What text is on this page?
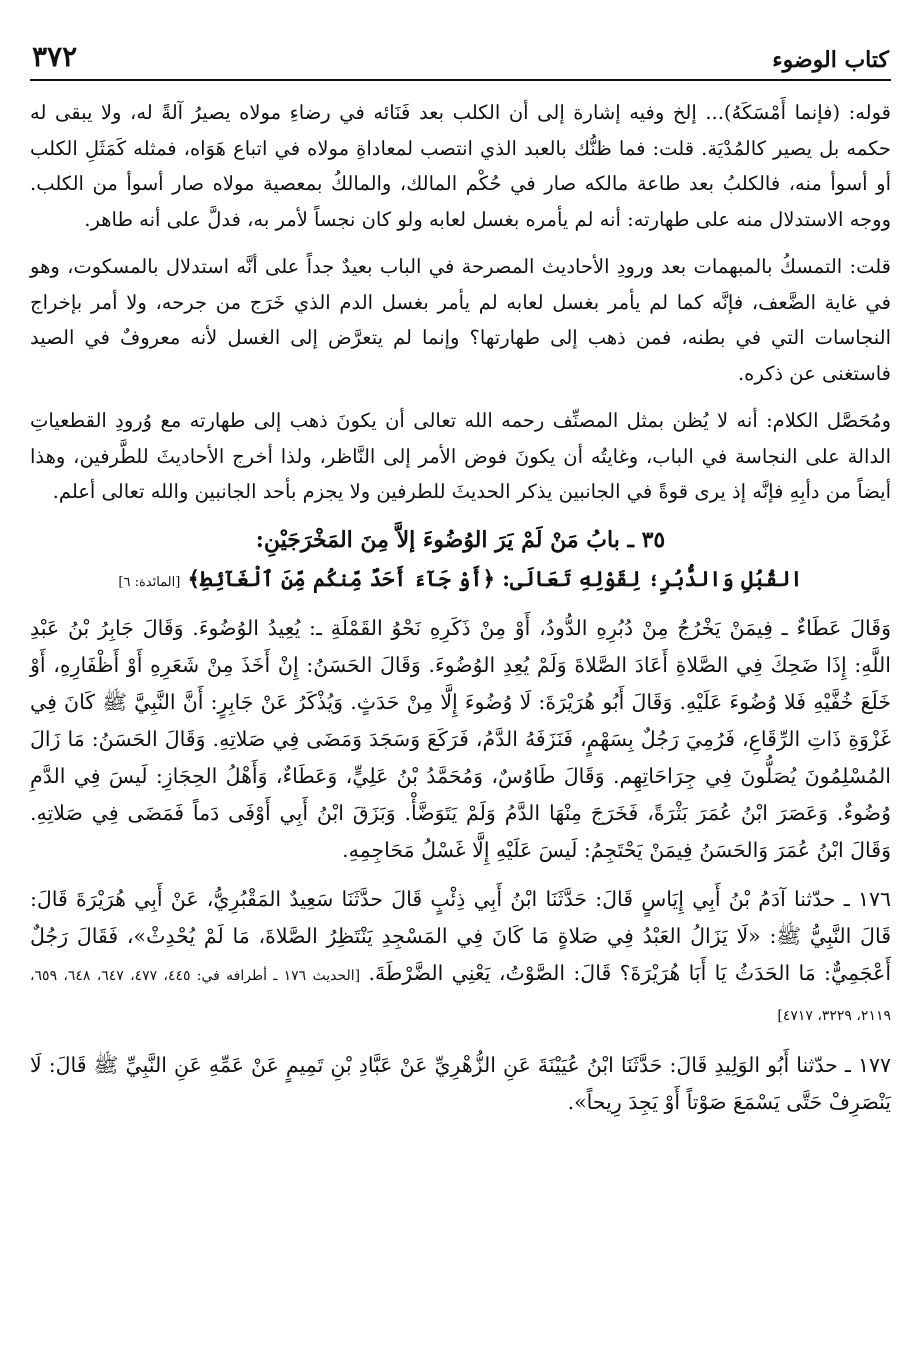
كتاب الوضوء
٣٧٢

قوله: (فإنما أَمْسَكَهُ)... إلخ وفيه إشارة إلى أن الكلب بعد فَنَائه في رضاءِ مولاه يصيرُ آلةً له، ولا يبقى له حكمه بل يصير كالمُدْيَة. قلت: فما ظنُّك بالعبد الذي انتصب لمعاداةِ مولاه في اتباع هَوَاه، فمثله كَمَثَلِ الكلب أو أسوأ منه، فالكلبُ بعد طاعة مالكه صار في حُكْم المالك، والمالكُ بمعصية مولاه صار أسوأ من الكلب. ووجه الاستدلال منه على طهارته: أنه لم يأمره بغسل لعابه ولو كان نجساً لأمر به، فدلَّ على أنه طاهر.

قلت: التمسكُ بالمبهمات بعد ورودِ الأحاديث المصرحة في الباب بعيدٌ جداً على أنَّه استدلال بالمسكوت، وهو في غاية الضَّعف، فإنَّه كما لم يأمر بغسل لعابه لم يأمر بغسل الدم الذي خَرَج من جرحه، ولا أمر بإخراج النجاسات التي في بطنه، فمن ذهب إلى طهارتها؟ وإنما لم يتعرَّض إلى الغسل لأنه معروفٌ في الصيد فاستغنى عن ذكره.

ومُحَصَّل الكلام: أنه لا يُظن بمثل المصنِّف رحمه الله تعالى أن يكونَ ذهب إلى طهارته مع وُرودِ القطعياتِ الدالة على النجاسة في الباب، وغايتُه أن يكونَ فوض الأمر إلى النَّاظر، ولذا أخرج الأحاديثَ للطَّرفين، وهذا أيضاً من دأبِهِ فإنَّه إذ يرى قوةً في الجانبين يذكر الحديثَ للطرفين ولا يجزم بأحد الجانبين والله تعالى أعلم.

٣٥ ـ بابُ مَنْ لَمْ يَرَ الوُضُوءَ إلاَّ مِنَ المَخْرَجَيْنِ:
القُبُلِ وَالدُّبُرِ؛ لِقَوْلِهِ تَعَالَى: ﴿أَوْ جَآءَ أَحَدٌ مِّنكُم مِّنَ ٱلْغَآئِطِ﴾ [المائدة: ٦]

وَقَالَ عَطَاءٌ ـ فِيمَنْ يَخْرُجُ مِنْ دُبُرِهِ الدُّودُ، أَوْ مِنْ ذَكَرِهِ نَحْوُ القَمْلَةِ ـ: يُعِيدُ الوُضُوءَ. وَقَالَ جَابِرُ بْنُ عَبْدِ اللَّهِ: إِذَا ضَحِكَ فِي الصَّلاةِ أَعَادَ الصَّلاةَ وَلَمْ يُعِدِ الوُضُوءَ. وَقَالَ الحَسَنُ: إِنْ أَخَذَ مِنْ شَعَرِهِ أَوْ أَظْفَارِهِ، أَوْ خَلَعَ خُفَّيْهِ فَلا وُضُوءَ عَلَيْهِ. وَقَالَ أَبُو هُرَيْرَةَ: لَا وُضُوءَ إِلَّا مِنْ حَدَثٍ. وَيُذْكَرُ عَنْ جَابِرٍ: أَنَّ النَّبِيَّ ﷺ كَانَ فِي غَزْوَةِ ذَاتِ الرِّقَاعِ، فَرُمِيَ رَجُلٌ بِسَهْمٍ، فَنَزَفَهُ الدَّمُ، فَرَكَعَ وَسَجَدَ وَمَضَى فِي صَلاتِهِ. وَقَالَ الحَسَنُ: مَا زَالَ المُسْلِمُونَ يُصَلُّونَ فِي جِرَاحَاتِهِم. وَقَالَ طَاوُسٌ، وَمُحَمَّدُ بْنُ عَلِيٍّ، وَعَطَاءٌ، وَأَهْلُ الحِجَازِ: لَيسَ فِي الدَّمِ وُضُوءٌ. وَعَصَرَ ابْنُ عُمَرَ بَثْرَةً، فَخَرَجَ مِنْهَا الدَّمُ وَلَمْ يَتَوَضَّأْ. وَبَزَقَ ابْنُ أَبِي أَوْفَى دَماً فَمَضَى فِي صَلاتِهِ. وَقَالَ ابْنُ عُمَرَ وَالحَسَنُ فِيمَنْ يَحْتَجِمُ: لَيسَ عَلَيْهِ إِلَّا غَسْلُ مَحَاجِمِهِ.

١٧٦ ـ حدّثنا آدَمُ بْنُ أَبِي إِيَاسٍ قَالَ: حَدَّثَنَا ابْنُ أَبِي ذِئْبٍ قَالَ حدَّثَنَا سَعِيدٌ المَقْبُرِيُّ، عَنْ أَبِي هُرَيْرَةَ قَالَ: قَالَ النَّبِيُّ ﷺ: «لَا يَزَالُ العَبْدُ فِي صَلاةٍ مَا كَانَ فِي المَسْجِدِ يَنْتَظِرُ الصَّلاةَ، مَا لَمْ يُحْدِثْ»، فَقَالَ رَجُلٌ أَعْجَمِيٌّ: مَا الحَدَثُ يَا أَبَا هُرَيْرَةَ؟ قَالَ: الصَّوْتُ، يَعْنِي الضَّرْطَةَ. [الحديث ١٧٦ ـ أطرافه في: ٤٤٥، ٤٧٧، ٦٤٧، ٦٤٨، ٦٥٩، ٢١١٩، ٣٢٢٩، ٤٧١٧]

١٧٧ ـ حدّثنا أَبُو الوَلِيدِ قَالَ: حَدَّثَنَا ابْنُ عُيَيْنَةَ عَنِ الزُّهْرِيِّ عَنْ عَبَّادِ بْنِ تَمِيمٍ عَنْ عَمِّهِ عَنِ النَّبِيِّ ﷺ قَالَ: لَا يَنْصَرِفْ حَتَّى يَسْمَعَ صَوْتاً أَوْ يَجِدَ رِيحاً».
